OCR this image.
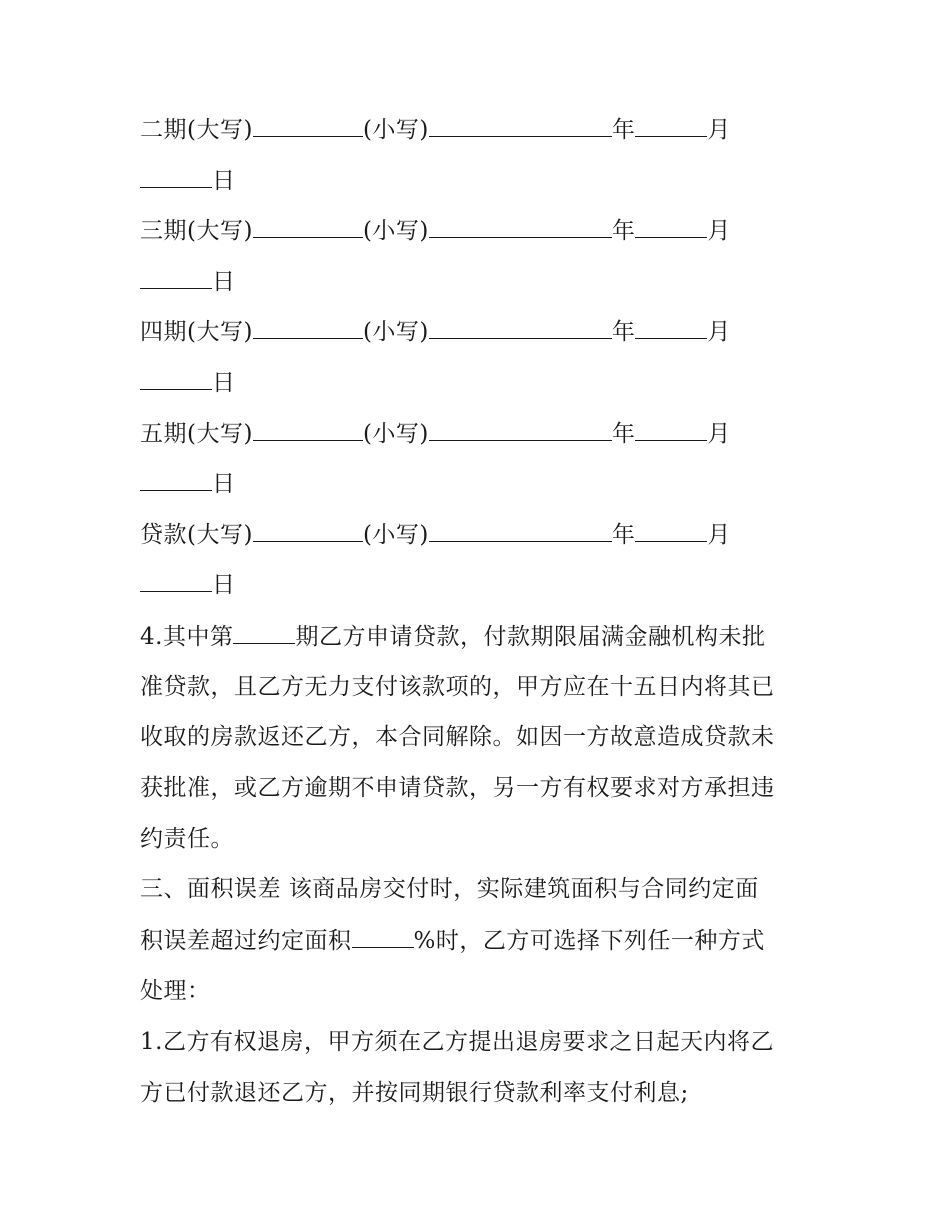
二期(大写)	(小写)	年	月
日
三期(大写)	(小写)	年	月
日
四期(大写)	(小写)	年	月
日
五期(大写)	(小写)	年	月
日
贷款(大写)	(小写)	年	月
日
4.其中第	期乙方申请贷款，付款期限届满金融机构未批
准贷款，且乙方无力支付该款项的，甲方应在十五日内将其已
收取的房款返还乙方，本合同解除。如因一方故意造成贷款未
获批准，或乙方逾期不申请贷款，另一方有权要求对方承担违
约责任。
三、面积误差 该商品房交付时，实际建筑面积与合同约定面
积误差超过约定面积	%时，乙方可选择下列任一种方式
处理：
1.乙方有权退房，甲方须在乙方提出退房要求之日起天内将乙
方已付款退还乙方，并按同期银行贷款利率支付利息;
